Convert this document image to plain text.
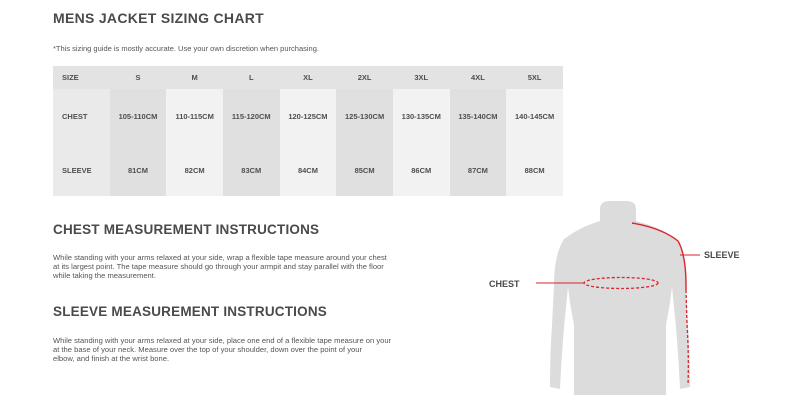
MENS JACKET SIZING CHART
*This sizing guide is mostly accurate. Use your own discretion when purchasing.
SIZE	S	M	L	XL	2XL	3XL	4XL	5XL
CHEST	105-110CM	110-115CM	115-120CM	120-125CM	125-130CM	130-135CM	135-140CM	140-145CM
SLEEVE	81CM	82CM	83CM	84CM	85CM	86CM	87CM	88CM
CHEST MEASUREMENT INSTRUCTIONS
While standing with your arms relaxed at your side, wrap a flexible tape measure around your chest
at its largest point. The tape measure should go through your armpit and stay parallel with the floor
while taking the measurement.
SLEEVE MEASUREMENT INSTRUCTIONS
While standing with your arms relaxed at your side, place one end of a flexible tape measure on your
at the base of your neck. Measure over the top of your shoulder, down over the point of your
elbow, and finish at the wrist bone.
CHEST
SLEEVE
